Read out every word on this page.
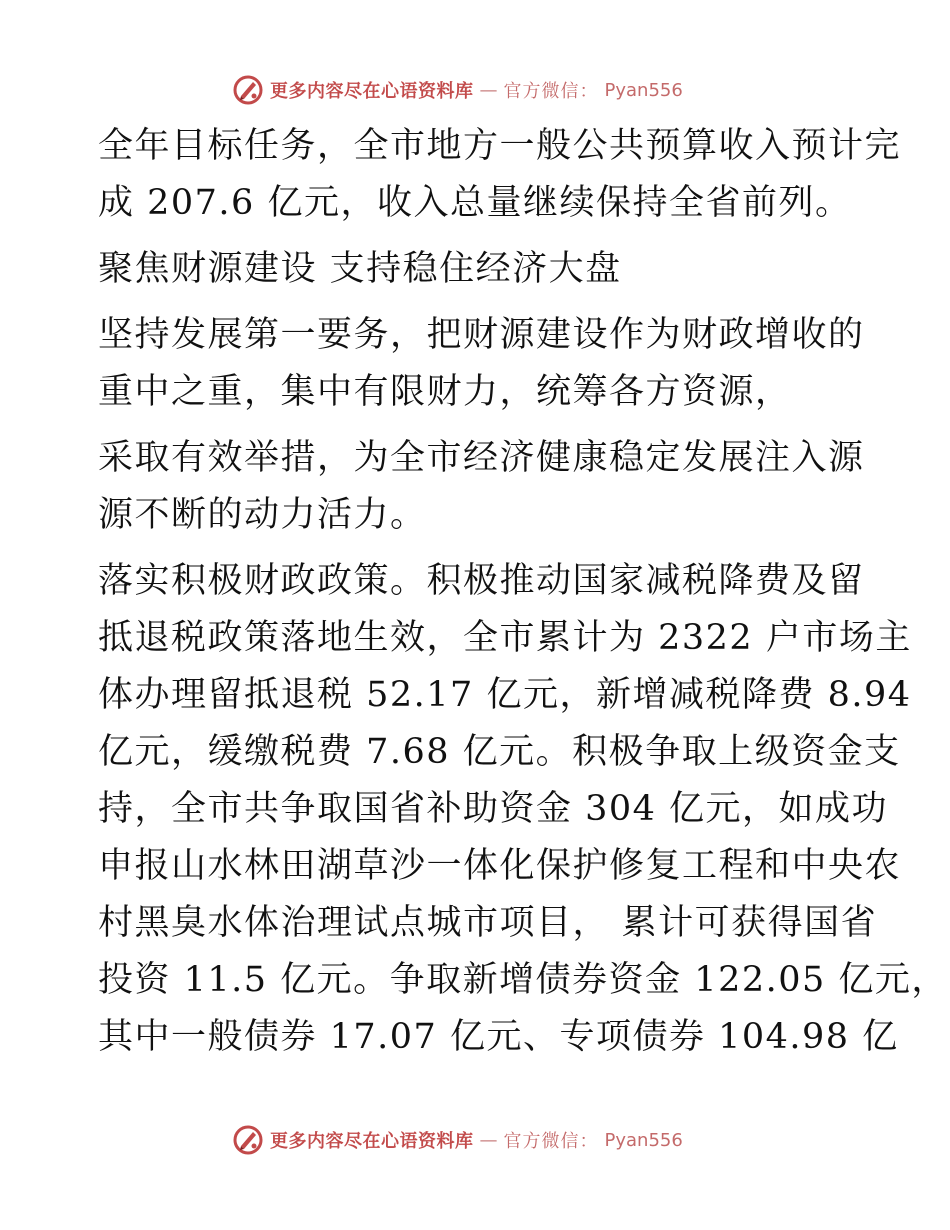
更多内容尽在心语资料库 — 官方微信： Pyan556
全年目标任务，全市地方一般公共预算收入预计完
成 207.6 亿元，收入总量继续保持全省前列。
聚焦财源建设 支持稳住经济大盘
坚持发展第一要务，把财源建设作为财政增收的
重中之重，集中有限财力，统筹各方资源，
采取有效举措，为全市经济健康稳定发展注入源
源不断的动力活力。
落实积极财政政策。积极推动国家减税降费及留
抵退税政策落地生效，全市累计为 2322 户市场主
体办理留抵退税 52.17 亿元，新增减税降费 8.94
亿元，缓缴税费 7.68 亿元。积极争取上级资金支
持，全市共争取国省补助资金 304 亿元，如成功
申报山水林田湖草沙一体化保护修复工程和中央农
村黑臭水体治理试点城市项目， 累计可获得国省
投资 11.5 亿元。争取新增债券资金 122.05 亿元，
其中一般债券 17.07 亿元、专项债券 104.98 亿
更多内容尽在心语资料库 — 官方微信： Pyan556
